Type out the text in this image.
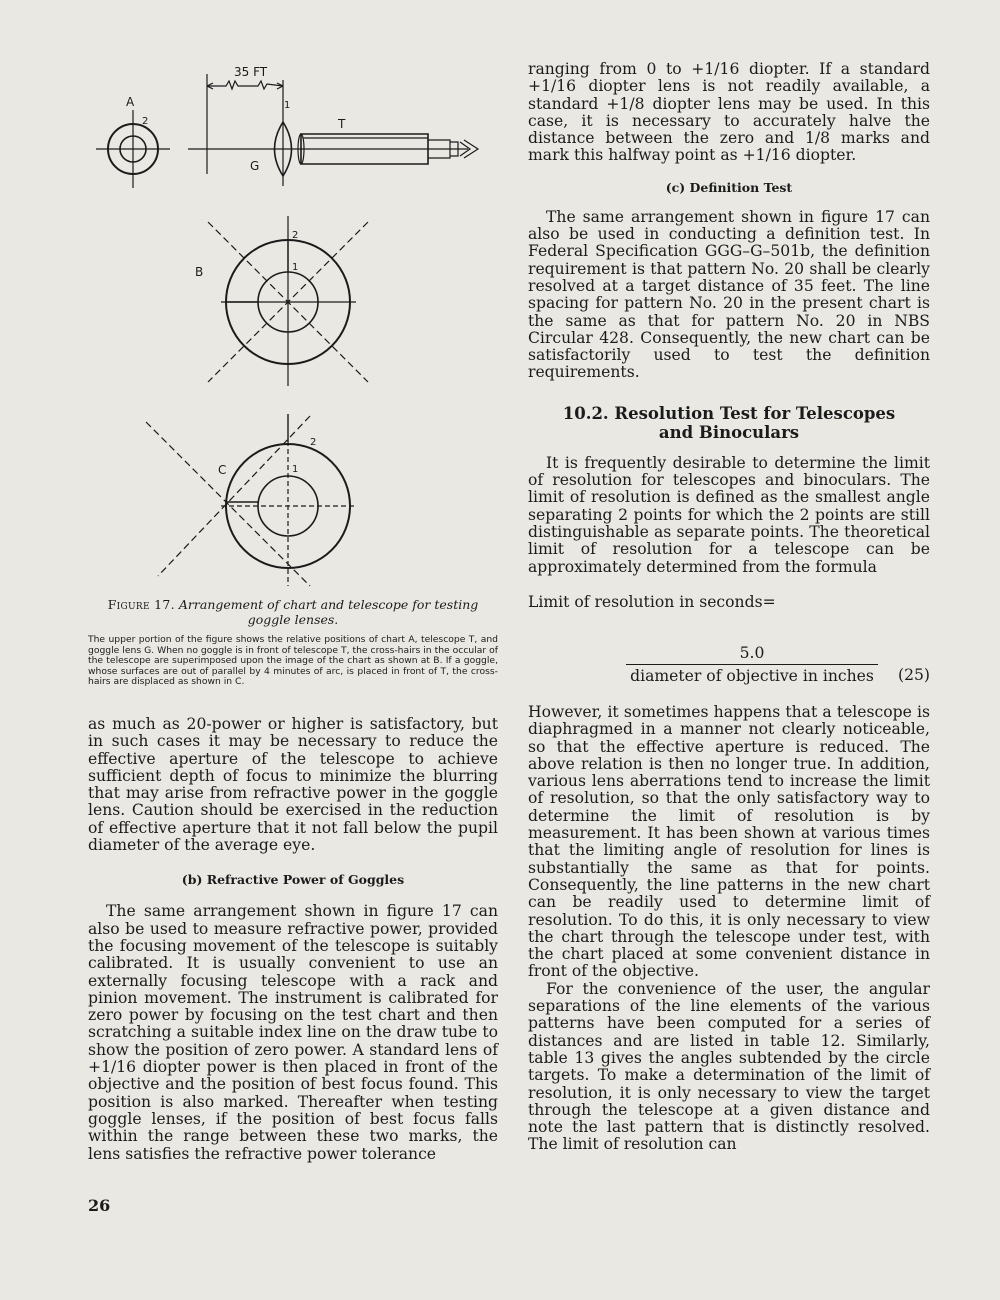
35 FT
A
2
1
T
G
B
2
1
C
2
1

Figure 17. Arrangement of chart and telescope for testing goggle lenses.

The upper portion of the figure shows the relative positions of chart A, telescope T, and goggle lens G. When no goggle is in front of telescope T, the cross-hairs in the occular of the telescope are superimposed upon the image of the chart as shown at B. If a goggle, whose surfaces are out of parallel by 4 minutes of arc, is placed in front of T, the cross-hairs are displaced as shown in C.

as much as 20-power or higher is satisfactory, but in such cases it may be necessary to reduce the effective aperture of the telescope to achieve sufficient depth of focus to minimize the blurring that may arise from refractive power in the goggle lens. Caution should be exercised in the reduction of effective aperture that it not fall below the pupil diameter of the average eye.

(b) Refractive Power of Goggles

The same arrangement shown in figure 17 can also be used to measure refractive power, provided the focusing movement of the telescope is suitably calibrated. It is usually convenient to use an externally focusing telescope with a rack and pinion movement. The instrument is calibrated for zero power by focusing on the test chart and then scratching a suitable index line on the draw tube to show the position of zero power. A standard lens of +1/16 diopter power is then placed in front of the objective and the position of best focus found. This position is also marked. Thereafter when testing goggle lenses, if the position of best focus falls within the range between these two marks, the lens satisfies the refractive power tolerance

26

ranging from 0 to +1/16 diopter. If a standard +1/16 diopter lens is not readily available, a standard +1/8 diopter lens may be used. In this case, it is necessary to accurately halve the distance between the zero and 1/8 marks and mark this halfway point as +1/16 diopter.

(c) Definition Test

The same arrangement shown in figure 17 can also be used in conducting a definition test. In Federal Specification GGG–G–501b, the definition requirement is that pattern No. 20 shall be clearly resolved at a target distance of 35 feet. The line spacing for pattern No. 20 in the present chart is the same as that for pattern No. 20 in NBS Circular 428. Consequently, the new chart can be satisfactorily used to test the definition requirements.

10.2. Resolution Test for Telescopes and Binoculars

It is frequently desirable to determine the limit of resolution for telescopes and binoculars. The limit of resolution is defined as the smallest angle separating 2 points for which the 2 points are still distinguishable as separate points. The theoretical limit of resolution for a telescope can be approximately determined from the formula

Limit of resolution in seconds=

5.0
diameter of objective in inches (25)

However, it sometimes happens that a telescope is diaphragmed in a manner not clearly noticeable, so that the effective aperture is reduced. The above relation is then no longer true. In addition, various lens aberrations tend to increase the limit of resolution, so that the only satisfactory way to determine the limit of resolution is by measurement. It has been shown at various times that the limiting angle of resolution for lines is substantially the same as that for points. Consequently, the line patterns in the new chart can be readily used to determine limit of resolution. To do this, it is only necessary to view the chart through the telescope under test, with the chart placed at some convenient distance in front of the objective.

For the convenience of the user, the angular separations of the line elements of the various patterns have been computed for a series of distances and are listed in table 12. Similarly, table 13 gives the angles subtended by the circle targets. To make a determination of the limit of resolution, it is only necessary to view the target through the telescope at a given distance and note the last pattern that is distinctly resolved. The limit of resolution can
